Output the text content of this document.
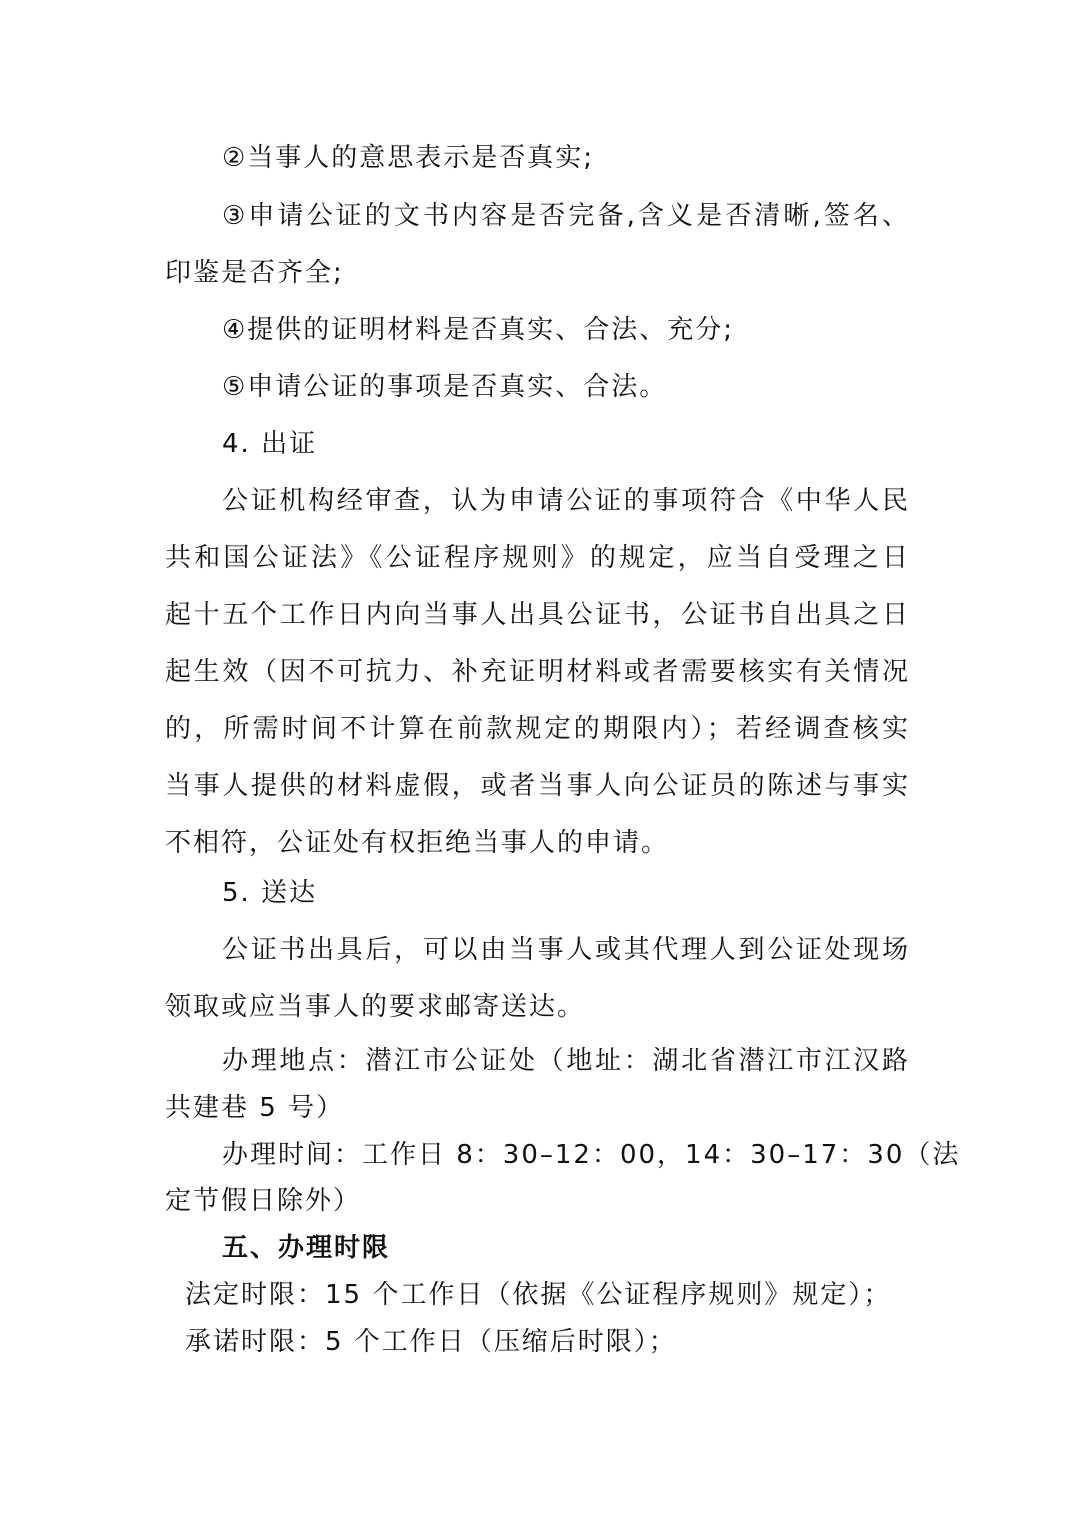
②当事人的意思表示是否真实;
③申请公证的文书内容是否完备,含义是否清晰,签名、
印鉴是否齐全;
④提供的证明材料是否真实、合法、充分;
⑤申请公证的事项是否真实、合法。
4. 出证
公证机构经审查，认为申请公证的事项符合《中华人民
共和国公证法》《公证程序规则》的规定，应当自受理之日
起十五个工作日内向当事人出具公证书，公证书自出具之日
起生效（因不可抗力、补充证明材料或者需要核实有关情况
的，所需时间不计算在前款规定的期限内）；若经调查核实
当事人提供的材料虚假，或者当事人向公证员的陈述与事实
不相符，公证处有权拒绝当事人的申请。
5. 送达
公证书出具后，可以由当事人或其代理人到公证处现场
领取或应当事人的要求邮寄送达。
办理地点：潜江市公证处（地址：湖北省潜江市江汉路
共建巷 5 号）
办理时间：工作日 8：30–12：00，14：30–17：30（法
定节假日除外）
五、办理时限
法定时限：15 个工作日（依据《公证程序规则》规定）；
承诺时限：5 个工作日（压缩后时限）；
